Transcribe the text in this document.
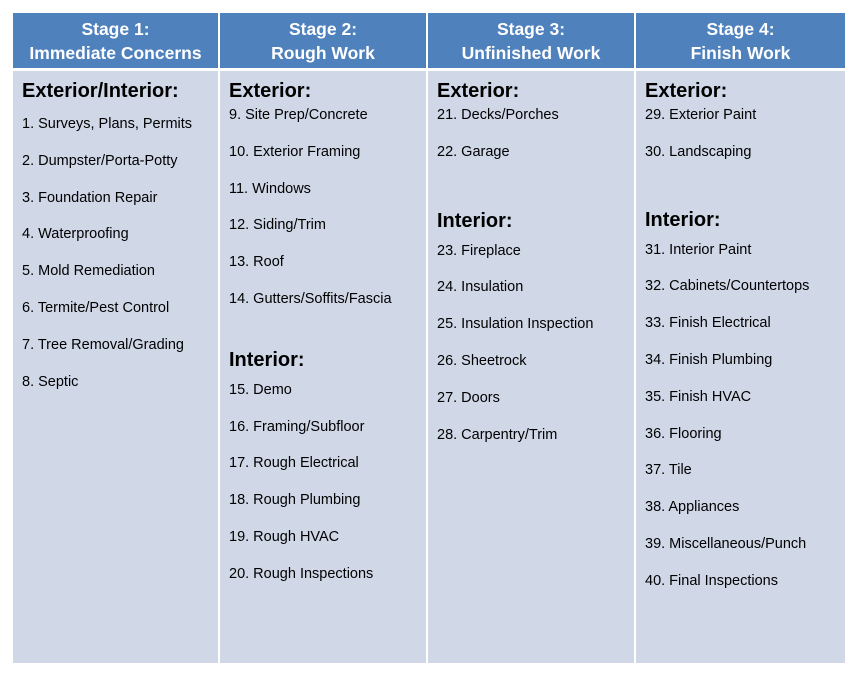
Stage 1:
Immediate Concerns
Stage 2:
Rough Work
Stage 3:
Unfinished Work
Stage 4:
Finish Work
Exterior/Interior:
1. Surveys, Plans, Permits
2. Dumpster/Porta-Potty
3. Foundation Repair
4. Waterproofing
5. Mold Remediation
6. Termite/Pest Control
7. Tree Removal/Grading
8. Septic
Exterior:
9. Site Prep/Concrete
10. Exterior Framing
11. Windows
12. Siding/Trim
13. Roof
14. Gutters/Soffits/Fascia
Interior:
15. Demo
16. Framing/Subfloor
17. Rough Electrical
18. Rough Plumbing
19. Rough HVAC
20. Rough Inspections
Exterior:
21. Decks/Porches
22. Garage
Interior:
23. Fireplace
24. Insulation
25. Insulation Inspection
26. Sheetrock
27. Doors
28. Carpentry/Trim
Exterior:
29. Exterior Paint
30. Landscaping
Interior:
31. Interior Paint
32. Cabinets/Countertops
33. Finish Electrical
34. Finish Plumbing
35. Finish HVAC
36. Flooring
37. Tile
38. Appliances
39. Miscellaneous/Punch
40. Final Inspections
